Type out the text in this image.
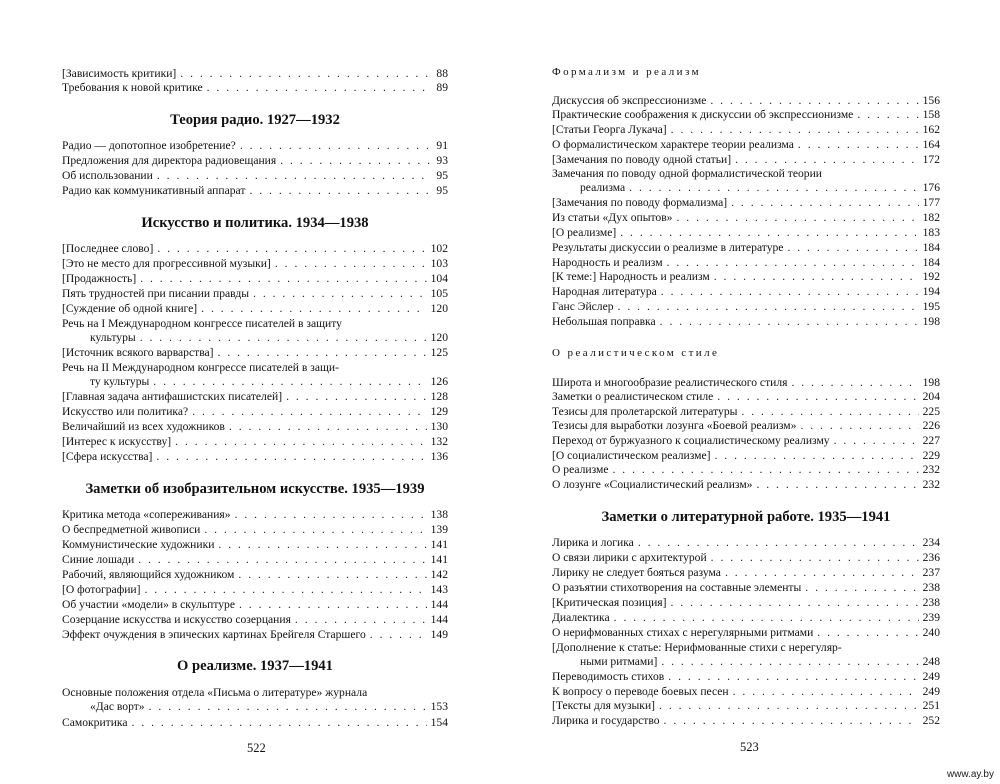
[Зависимость критики] . . .	88
Требования к новой критике . . .	89
Теория радио. 1927—1932
Радио — допотопное изобретение? . . .	91
Предложения для директора радиовещания . . .	93
Об использовании . . .	95
Радио как коммуникативный аппарат . . .	95
Искусство и политика. 1934—1938
[Последнее слово] . . .	102
[Это не место для прогрессивной музыки] . . .	103
[Продажность] . . .	104
Пять трудностей при писании правды . . .	105
[Суждение об одной книге] . . .	120
Речь на I Международном конгрессе писателей в защиту
культуры . . .	120
[Источник всякого варварства] . . .	125
Речь на II Международном конгрессе писателей в защи-
ту культуры . . .	126
[Главная задача антифашистских писателей] . . .	128
Искусство или политика? . . .	129
Величайший из всех художников . . .	130
[Интерес к искусству] . . .	132
[Сфера искусства] . . .	136
Заметки об изобразительном искусстве. 1935—1939
Критика метода «сопереживания» . . .	138
О беспредметной живописи . . .	139
Коммунистические художники . . .	141
Синие лошади . . .	141
Рабочий, являющийся художником . . .	142
[О фотографии] . . .	143
Об участии «модели» в скульптуре . . .	144
Созерцание искусства и искусство созерцания . . .	144
Эффект очуждения в эпических картинах Брейгеля Старшего . . .	149
О реализме. 1937—1941
Основные положения отдела «Письма о литературе» журнала
«Дас ворт» . . .	153
Самокритика . . .	154
522
Формализм и реализм
Дискуссия об экспрессионизме . . .	156
Практические соображения к дискуссии об экспрессионизме . . .	158
[Статьи Георга Лукача] . . .	162
О формалистическом характере теории реализма . . .	164
[Замечания по поводу одной статьи] . . .	172
Замечания по поводу одной формалистической теории
реализма . . .	176
[Замечания по поводу формализма] . . .	177
Из статьи «Дух опытов» . . .	182
[О реализме] . . .	183
Результаты дискуссии о реализме в литературе . . .	184
Народность и реализм . . .	184
[К теме:] Народность и реализм . . .	192
Народная литература . . .	194
Ганс Эйслер . . .	195
Небольшая поправка . . .	198
О реалистическом стиле
Широта и многообразие реалистического стиля . . .	198
Заметки о реалистическом стиле . . .	204
Тезисы для пролетарской литературы . . .	225
Тезисы для выработки лозунга «Боевой реализм» . . .	226
Переход от буржуазного к социалистическому реализму . . .	227
[О социалистическом реализме] . . .	229
О реализме . . .	232
О лозунге «Социалистический реализм» . . .	232
Заметки о литературной работе. 1935—1941
Лирика и логика . . .	234
О связи лирики с архитектурой . . .	236
Лирику не следует бояться разума . . .	237
О разъятии стихотворения на составные элементы . . .	238
[Критическая позиция] . . .	238
Диалектика . . .	239
О нерифмованных стихах с нерегулярными ритмами . . .	240
[Дополнение к статье: Нерифмованные стихи с нерегуляр-
ными ритмами] . . .	248
Переводимость стихов . . .	249
К вопросу о переводе боевых песен . . .	249
[Тексты для музыки] . . .	251
Лирика и государство . . .	252
523
www.ay.by
